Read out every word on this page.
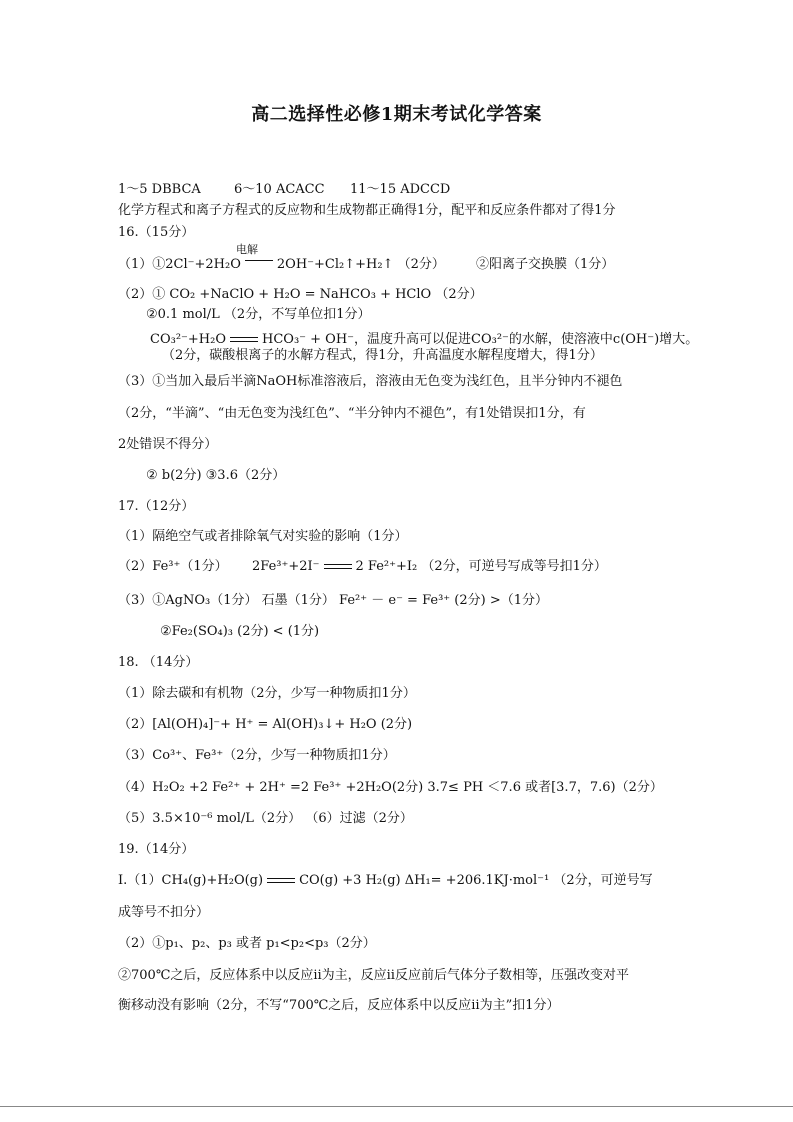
高二选择性必修1期末考试化学答案
1～5 DBBCA	6～10 ACACC 11～15 ADCCD
化学方程式和离子方程式的反应物和生成物都正确得1分，配平和反应条件都对了得1分
16.（15分）
电解
（1）①2Cl⁻+2H₂O	2OH⁻+Cl₂↑+H₂↑ （2分） ②阳离子交换膜（1分）
（2）① CO₂ +NaClO + H₂O = NaHCO₃ + HClO （2分）
②0.1 mol/L （2分，不写单位扣1分）
CO₃²⁻+H₂O	HCO₃⁻ + OH⁻，温度升高可以促进CO₃²⁻的水解，使溶液中c(OH⁻)增大。
（2分，碳酸根离子的水解方程式，得1分，升高温度水解程度增大，得1分）
（3）①当加入最后半滴NaOH标准溶液后，溶液由无色变为浅红色，且半分钟内不褪色
（2分，“半滴”、“由无色变为浅红色”、“半分钟内不褪色”，有1处错误扣1分，有
2处错误不得分）
② b(2分) ③3.6（2分）
17.（12分）
（1）隔绝空气或者排除氧气对实验的影响（1分）
（2）Fe³⁺（1分） 2Fe³⁺+2I⁻	2 Fe²⁺+I₂ （2分，可逆号写成等号扣1分）
（3）①AgNO₃（1分） 石墨（1分） Fe²⁺ － e⁻ = Fe³⁺ (2分) >（1分）
②Fe₂(SO₄)₃ (2分) < (1分)
18. （14分）
（1）除去碳和有机物（2分，少写一种物质扣1分）
（2）[Al(OH)₄]⁻+ H⁺ = Al(OH)₃↓+ H₂O (2分)
（3）Co³⁺、Fe³⁺（2分，少写一种物质扣1分）
（4）H₂O₂ +2 Fe²⁺ + 2H⁺ =2 Fe³⁺ +2H₂O(2分) 3.7≤ PH ＜7.6 或者[3.7，7.6)（2分）
（5）3.5×10⁻⁶ mol/L（2分） （6）过滤（2分）
19.（14分）
Ⅰ.（1）CH₄(g)+H₂O(g)	CO(g) +3 H₂(g) ΔH₁= +206.1KJ·mol⁻¹ （2分，可逆号写
成等号不扣分）
（2）①p₁、p₂、p₃ 或者 p₁<p₂<p₃（2分）
②700℃之后，反应体系中以反应ⅱ为主，反应ⅱ反应前后气体分子数相等，压强改变对平
衡移动没有影响（2分，不写“700℃之后，反应体系中以反应ⅱ为主”扣1分）
